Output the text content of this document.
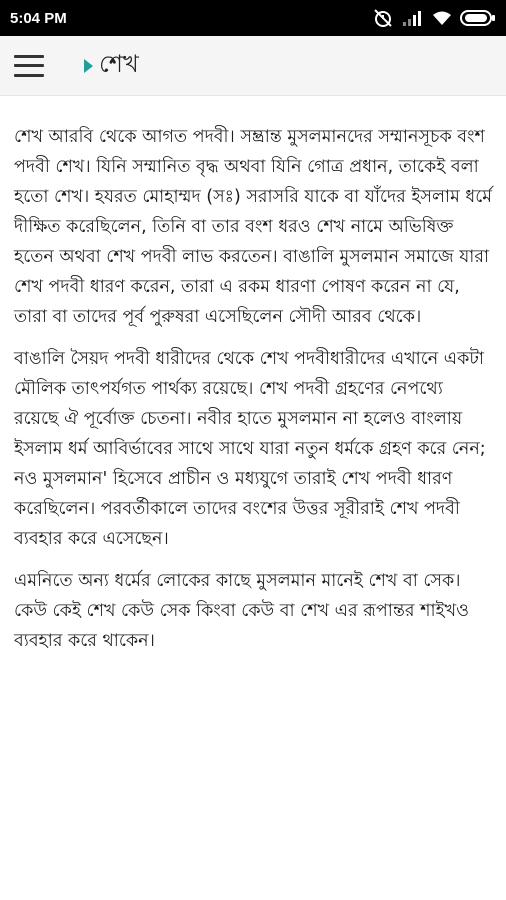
5:04 PM
শেখ

শেখ আরবি থেকে আগত পদবী। সম্ভ্রান্ত মুসলমানদের সম্মানসূচক বংশ পদবী শেখ। যিনি সম্মানিত বৃদ্ধ অথবা যিনি গোত্র প্রধান, তাকেই বলা হতো শেখ। হযরত মোহাম্মদ (সঃ) সরাসরি যাকে বা যাঁদের ইসলাম ধর্মে দীক্ষিত করেছিলেন, তিনি বা তার বংশ ধরও শেখ নামে অভিষিক্ত হতেন অথবা শেখ পদবী লাভ করতেন। বাঙালি মুসলমান সমাজে যারা শেখ পদবী ধারণ করেন, তারা এ রকম ধারণা পোষণ করেন না যে, তারা বা তাদের পূর্ব পুরুষরা এসেছিলেন সৌদী আরব থেকে।

বাঙালি সৈয়দ পদবী ধারীদের থেকে শেখ পদবীধারীদের এখানে একটা মৌলিক তাৎপর্যগত পার্থক্য রয়েছে। শেখ পদবী গ্রহণের নেপথ্যে রয়েছে ঐ পূর্বোক্ত চেতনা। নবীর হাতে মুসলমান না হলেও বাংলায় ইসলাম ধর্ম আবির্ভাবের সাথে সাথে যারা নতুন ধর্মকে গ্রহণ করে নেন; নও মুসলমান' হিসেবে প্রাচীন ও মধ্যযুগে তারাই শেখ পদবী ধারণ করেছিলেন। পরবর্তীকালে তাদের বংশের উত্তর সূরীরাই শেখ পদবী ব্যবহার করে এসেছেন।

এমনিতে অন্য ধর্মের লোকের কাছে মুসলমান মানেই শেখ বা সেক। কেউ কেই শেখ কেউ সেক কিংবা কেউ বা শেখ এর রূপান্তর শাইখও ব্যবহার করে থাকেন।
